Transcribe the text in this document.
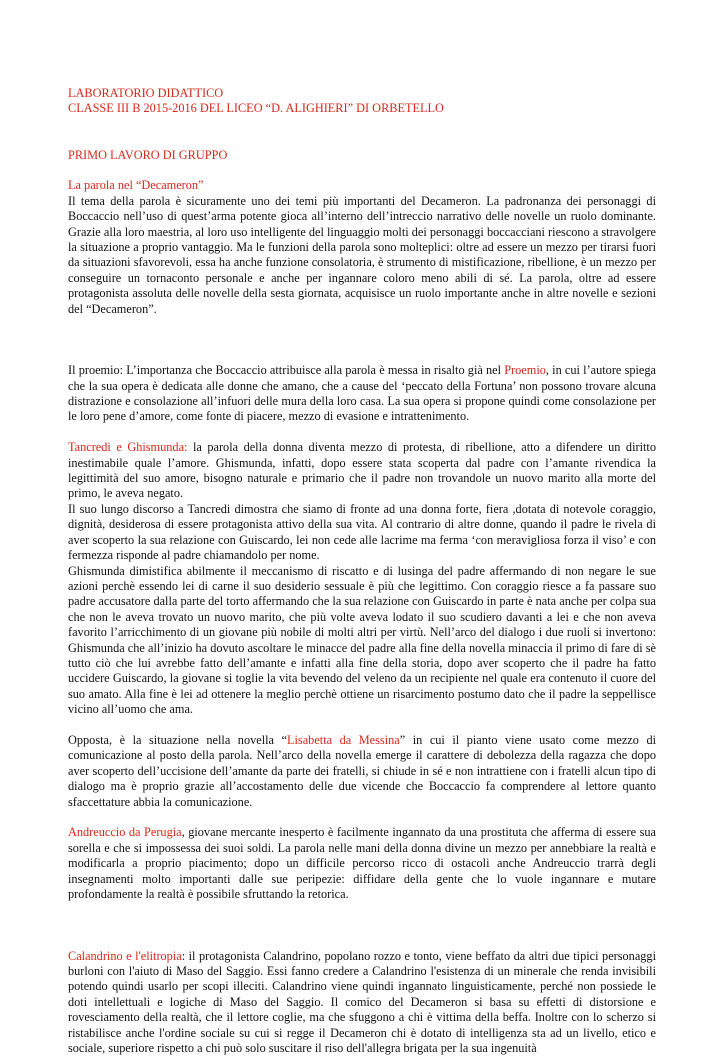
LABORATORIO DIDATTICO
CLASSE III B 2015-2016 DEL LICEO “D. ALIGHIERI” DI ORBETELLO
PRIMO LAVORO DI GRUPPO
La parola nel “Decameron”

Il tema della parola è sicuramente uno dei temi più importanti del Decameron. La padronanza dei personaggi di Boccaccio nell’uso di quest’arma potente gioca all’interno dell’intreccio narrativo delle novelle un ruolo dominante. Grazie alla loro maestria, al loro uso intelligente del linguaggio molti dei personaggi boccacciani riescono a stravolgere la situazione a proprio vantaggio. Ma le funzioni della parola sono molteplici: oltre ad essere un mezzo per tirarsi fuori da situazioni sfavorevoli, essa ha anche funzione consolatoria, è strumento di mistificazione, ribellione, è un mezzo per conseguire un tornaconto personale e anche per ingannare coloro meno abili di sé. La parola, oltre ad essere protagonista assoluta delle novelle della sesta giornata, acquisisce un ruolo importante anche in altre novelle e sezioni del “Decameron”.

Il proemio: L’importanza che Boccaccio attribuisce alla parola è messa in risalto già nel Proemio, in cui l’autore spiega che la sua opera è dedicata alle donne che amano, che a cause del ‘peccato della Fortuna’ non possono trovare alcuna distrazione e consolazione all’infuori delle mura della loro casa. La sua opera si propone quindi come consolazione per le loro pene d’amore, come fonte di piacere, mezzo di evasione e intrattenimento.

Tancredi e Ghismunda: la parola della donna diventa mezzo di protesta, di ribellione, atto a difendere un diritto inestimabile quale l’amore. Ghismunda, infatti, dopo essere stata scoperta dal padre con l’amante rivendica la legittimità del suo amore, bisogno naturale e primario che il padre non trovandole un nuovo marito alla morte del primo, le aveva negato.

Il suo lungo discorso a Tancredi dimostra che siamo di fronte ad una donna forte, fiera ,dotata di notevole coraggio, dignità, desiderosa di essere protagonista attivo della sua vita. Al contrario di altre donne, quando il padre le rivela di aver scoperto la sua relazione con Guiscardo, lei non cede alle lacrime ma ferma ‘con meravigliosa forza il viso’ e con fermezza risponde al padre chiamandolo per nome.

Ghismunda dimistifica abilmente il meccanismo di riscatto e di lusinga del padre affermando di non negare le sue azioni perchè essendo lei di carne il suo desiderio sessuale è più che legittimo. Con coraggio riesce a fa passare suo padre accusatore dalla parte del torto affermando che la sua relazione con Guiscardo in parte è nata anche per colpa sua che non le aveva trovato un nuovo marito, che più volte aveva lodato il suo scudiero davanti a lei e che non aveva favorito l’arricchimento di un giovane più nobile di molti altri per virtù. Nell’arco del dialogo i due ruoli si invertono: Ghismunda che all’inizio ha dovuto ascoltare le minacce del padre alla fine della novella minaccia il primo di fare di sè tutto ciò che lui avrebbe fatto dell’amante e infatti alla fine della storia, dopo aver scoperto che il padre ha fatto uccidere Guiscardo, la giovane si toglie la vita bevendo del veleno da un recipiente nel quale era contenuto il cuore del suo amato. Alla fine è lei ad ottenere la meglio perchè ottiene un risarcimento postumo dato che il padre la seppellisce vicino all’uomo che ama.

Opposta, è la situazione nella novella “Lisabetta da Messina” in cui il pianto viene usato come mezzo di comunicazione al posto della parola. Nell’arco della novella emerge il carattere di debolezza della ragazza che dopo aver scoperto dell’uccisione dell’amante da parte dei fratelli, si chiude in sé e non intrattiene con i fratelli alcun tipo di dialogo ma è proprio grazie all’accostamento delle due vicende che Boccaccio fa comprendere al lettore quanto sfaccettature abbia la comunicazione.

Andreuccio da Perugia, giovane mercante inesperto è facilmente ingannato da una prostituta che afferma di essere sua sorella e che si impossessa dei suoi soldi. La parola nelle mani della donna divine un mezzo per annebbiare la realtà e modificarla a proprio piacimento; dopo un difficile percorso ricco di ostacoli anche Andreuccio trarrà degli insegnamenti molto importanti dalle sue peripezie: diffidare della gente che lo vuole ingannare e mutare profondamente la realtà è possibile sfruttando la retorica.

Calandrino e l'elitropia: il protagonista Calandrino, popolano rozzo e tonto, viene beffato da altri due tipici personaggi burloni con l'aiuto di Maso del Saggio. Essi fanno credere a Calandrino l'esistenza di un minerale che renda invisibili potendo quindi usarlo per scopi illeciti. Calandrino viene quindi ingannato linguisticamente, perché non possiede le doti intellettuali e logiche di Maso del Saggio. Il comico del Decameron si basa su effetti di distorsione e rovesciamento della realtà, che il lettore coglie, ma che sfuggono a chi è vittima della beffa. Inoltre con lo scherzo si ristabilisce anche l'ordine sociale su cui si regge il Decameron chi è dotato di intelligenza sta ad un livello, etico e sociale, superiore rispetto a chi può solo suscitare il riso dell'allegra brigata per la sua ingenuità
